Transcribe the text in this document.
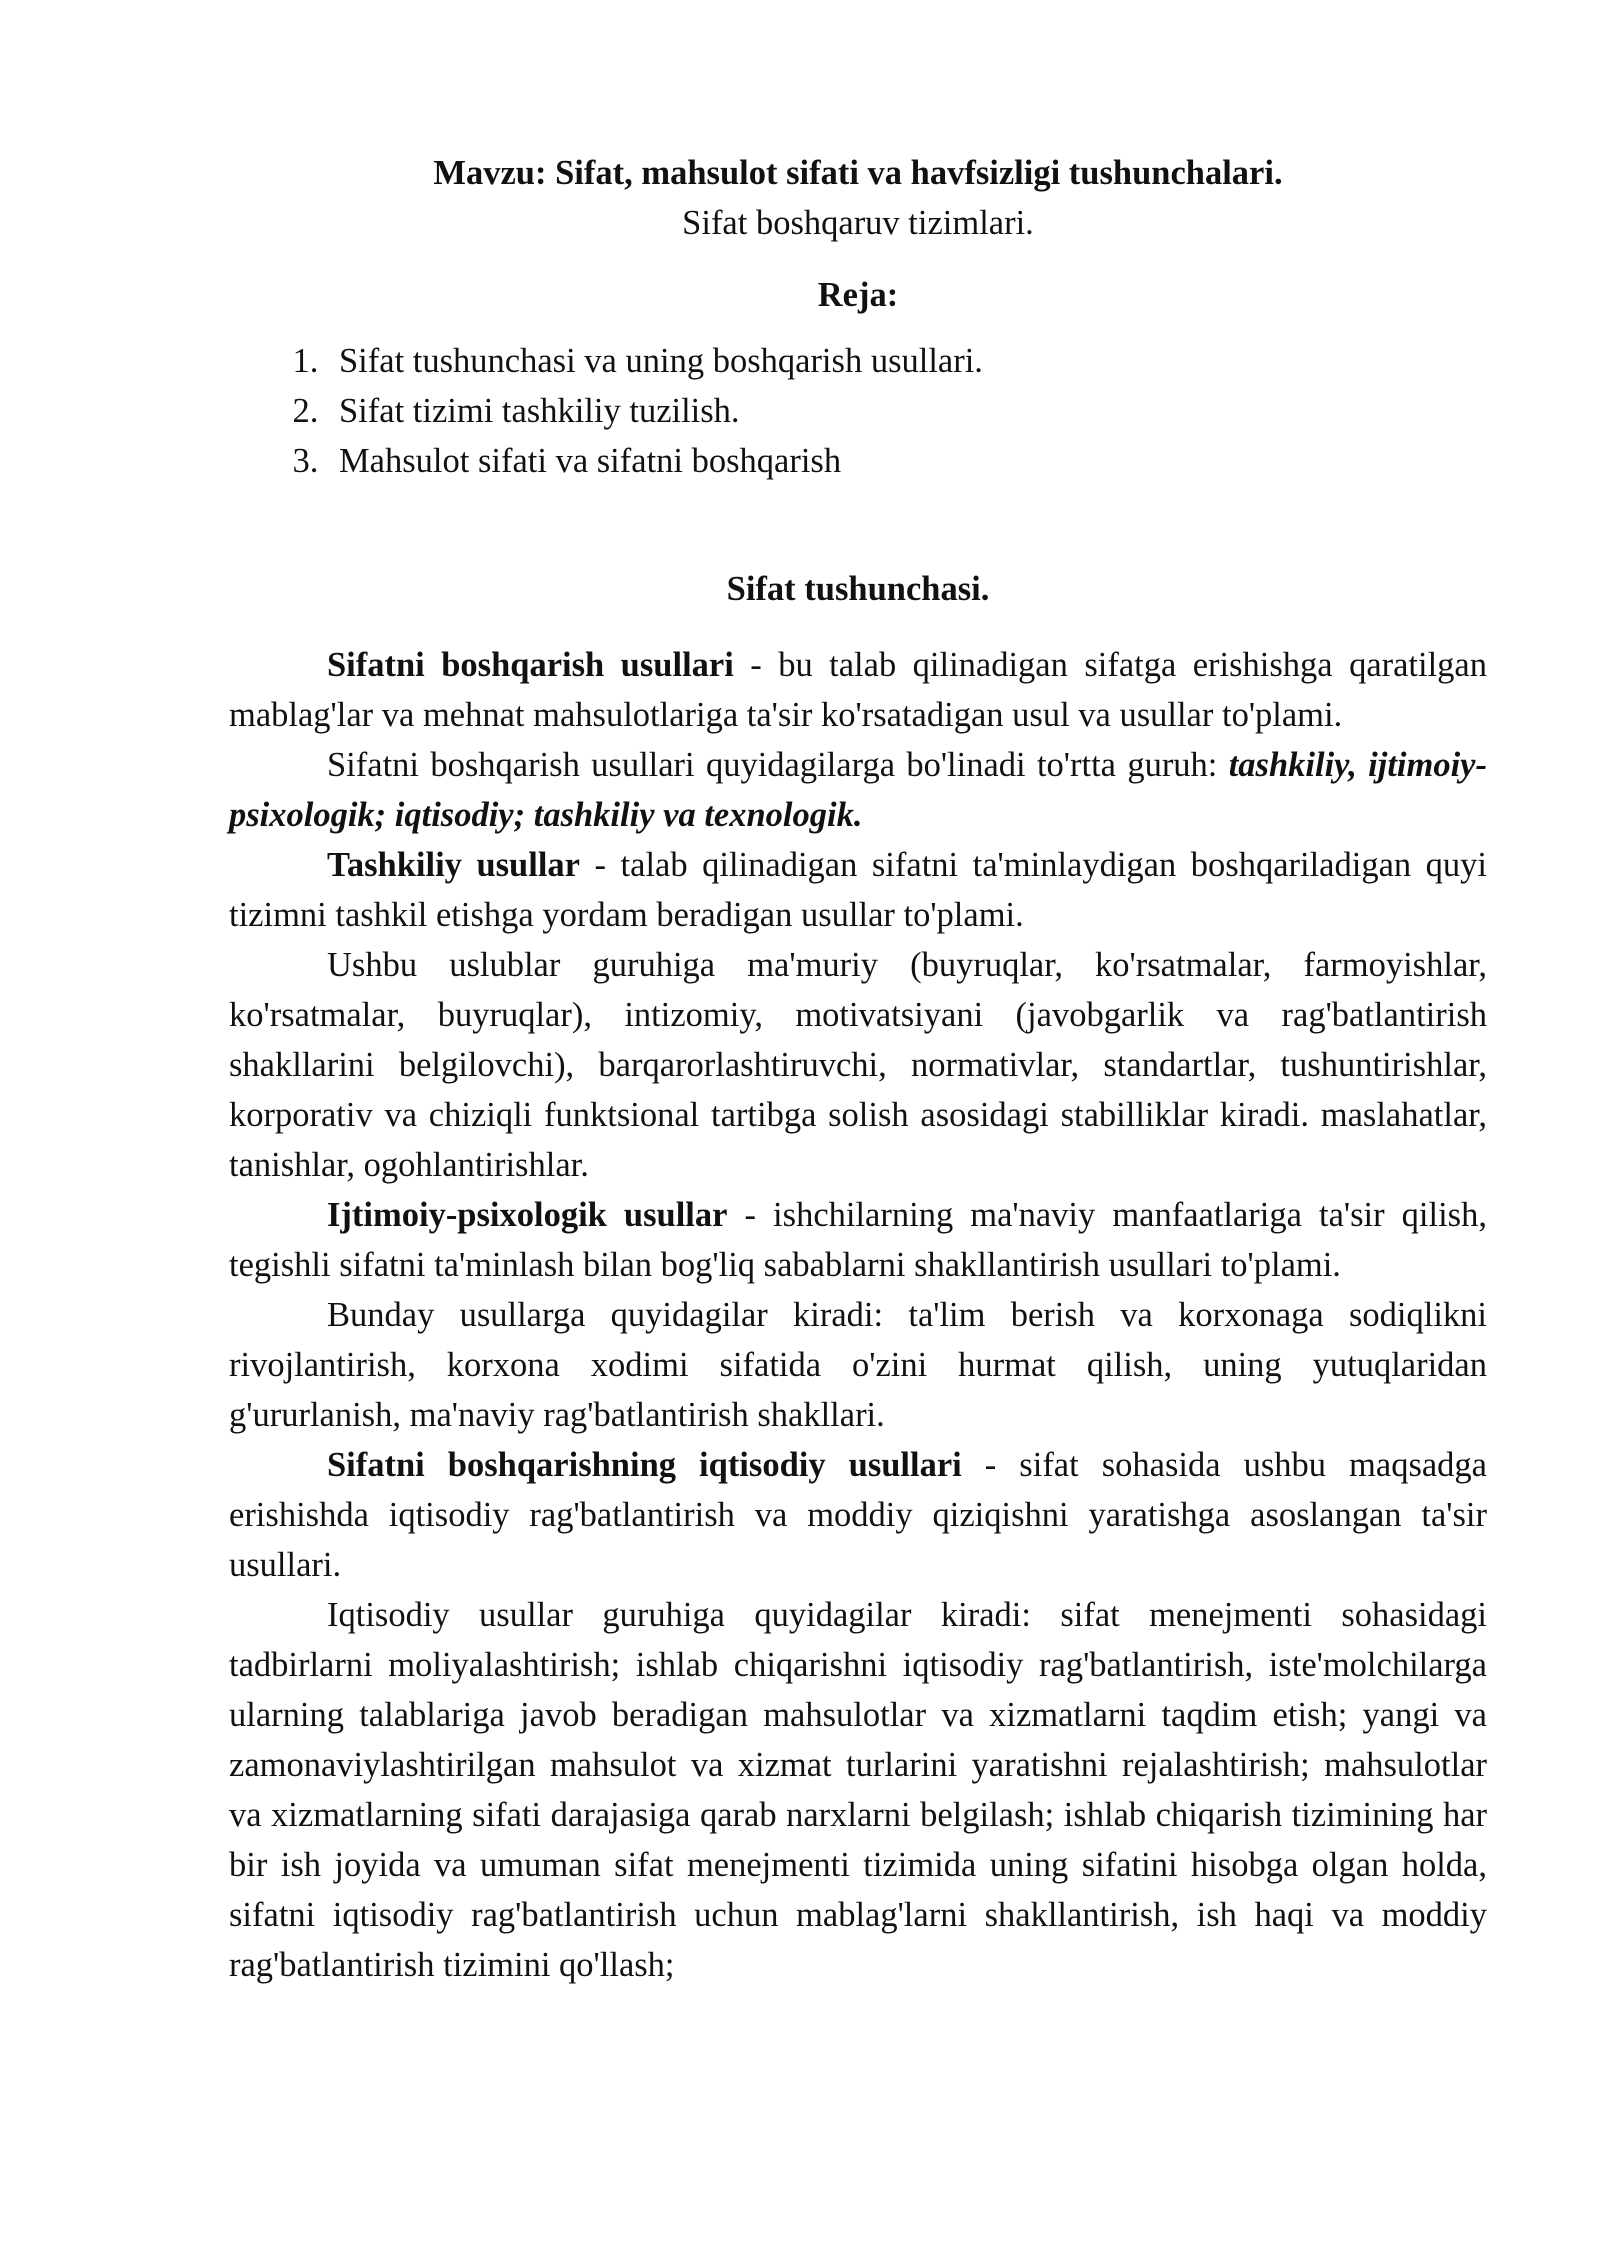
Mavzu: Sifat, mahsulot sifati va havfsizligi tushunchalari.

Sifat boshqaruv tizimlari.

Reja:

1. Sifat tushunchasi va uning boshqarish usullari.
2. Sifat tizimi tashkiliy tuzilish.
3. Mahsulot sifati va sifatni boshqarish

Sifat tushunchasi.

Sifatni boshqarish usullari - bu talab qilinadigan sifatga erishishga qaratilgan mablag'lar va mehnat mahsulotlariga ta'sir ko'rsatadigan usul va usullar to'plami.

Sifatni boshqarish usullari quyidagilarga bo'linadi to'rtta guruh: tashkiliy, ijtimoiy-psixologik; iqtisodiy; tashkiliy va texnologik.

Tashkiliy usullar - talab qilinadigan sifatni ta'minlaydigan boshqariladigan quyi tizimni tashkil etishga yordam beradigan usullar to'plami.

Ushbu uslublar guruhiga ma'muriy (buyruqlar, ko'rsatmalar, farmoyishlar, ko'rsatmalar, buyruqlar), intizomiy, motivatsiyani (javobgarlik va rag'batlantirish shakllarini belgilovchi), barqarorlashtiruvchi, normativlar, standartlar, tushuntirishlar, korporativ va chiziqli funktsional tartibga solish asosidagi stabilliklar kiradi. maslahatlar, tanishlar, ogohlantirishlar.

Ijtimoiy-psixologik usullar - ishchilarning ma'naviy manfaatlariga ta'sir qilish, tegishli sifatni ta'minlash bilan bog'liq sabablarni shakllantirish usullari to'plami.

Bunday usullarga quyidagilar kiradi: ta'lim berish va korxonaga sodiqlikni rivojlantirish, korxona xodimi sifatida o'zini hurmat qilish, uning yutuqlaridan g'ururlanish, ma'naviy rag'batlantirish shakllari.

Sifatni boshqarishning iqtisodiy usullari - sifat sohasida ushbu maqsadga erishishda iqtisodiy rag'batlantirish va moddiy qiziqishni yaratishga asoslangan ta'sir usullari.

Iqtisodiy usullar guruhiga quyidagilar kiradi: sifat menejmenti sohasidagi tadbirlarni moliyalashtirish; ishlab chiqarishni iqtisodiy rag'batlantirish, iste'molchilarga ularning talablariga javob beradigan mahsulotlar va xizmatlarni taqdim etish; yangi va zamonaviylashtirilgan mahsulot va xizmat turlarini yaratishni rejalashtirish; mahsulotlar va xizmatlarning sifati darajasiga qarab narxlarni belgilash; ishlab chiqarish tizimining har bir ish joyida va umuman sifat menejmenti tizimida uning sifatini hisobga olgan holda, sifatni iqtisodiy rag'batlantirish uchun mablag'larni shakllantirish, ish haqi va moddiy rag'batlantirish tizimini qo'llash;
